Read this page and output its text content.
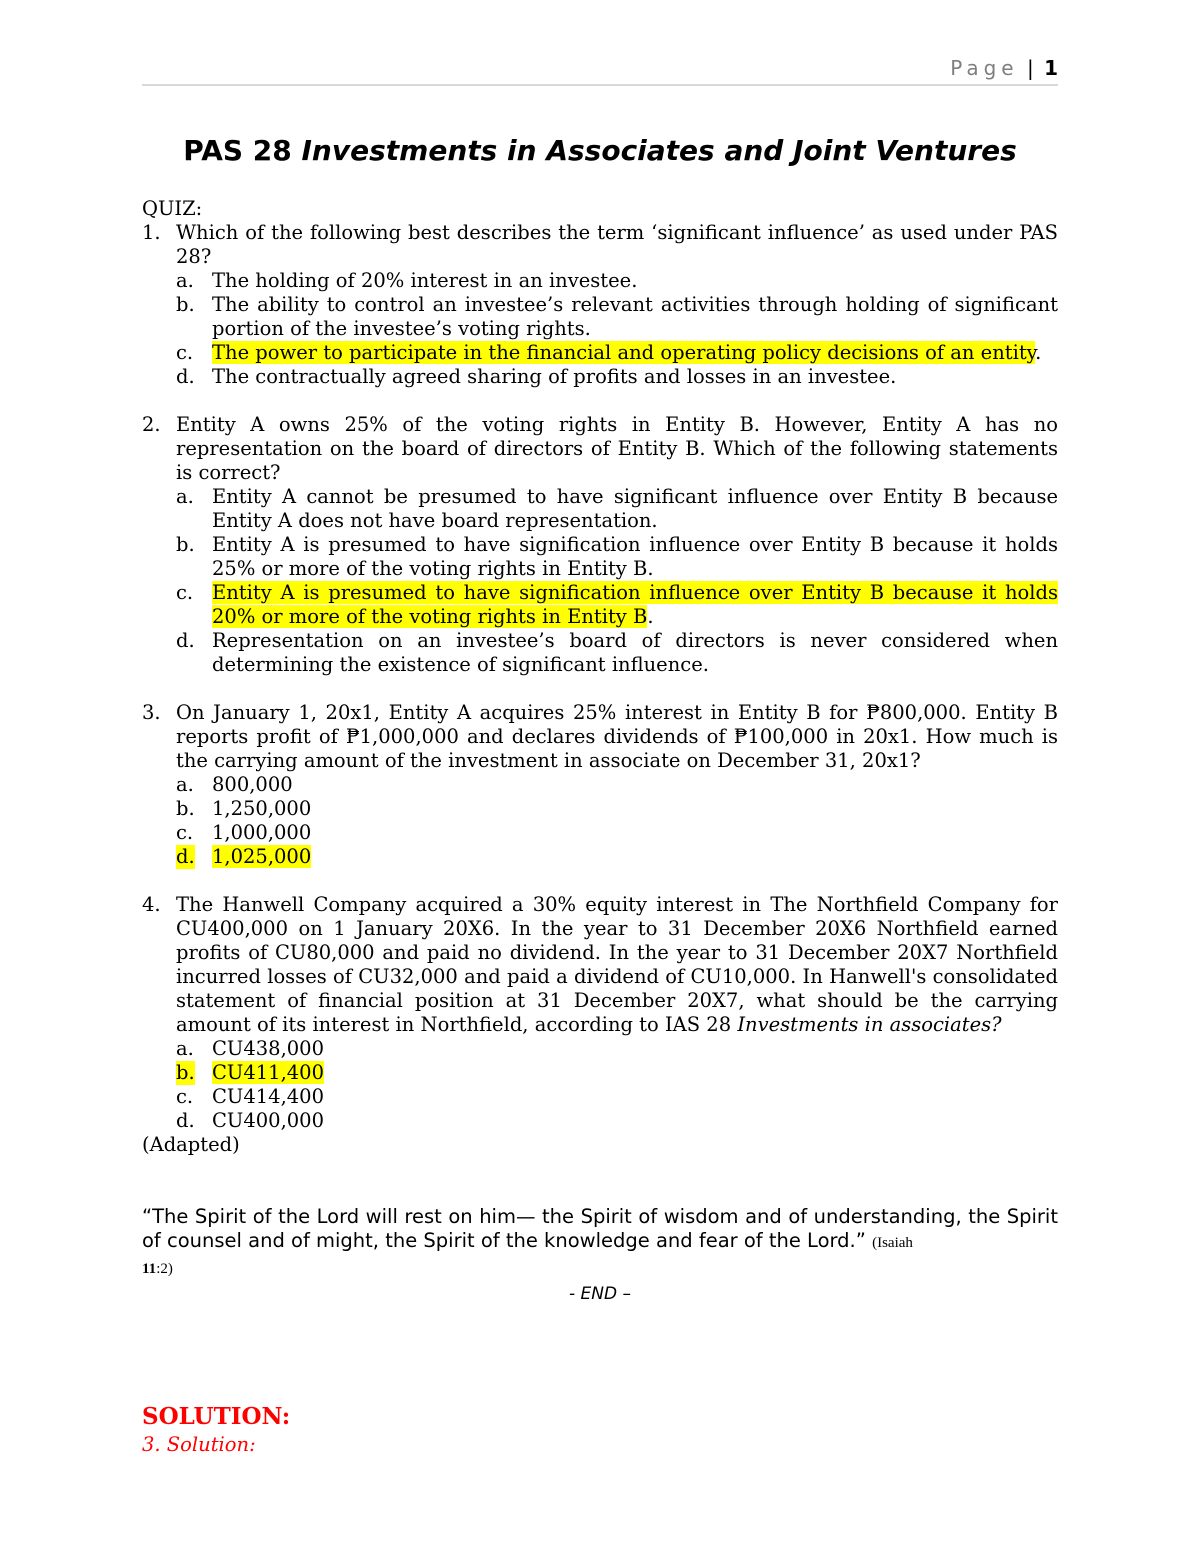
Page | 1
PAS 28 Investments in Associates and Joint Ventures
QUIZ:
1. Which of the following best describes the term ‘significant influence’ as used under PAS 28?
a. The holding of 20% interest in an investee.
b. The ability to control an investee’s relevant activities through holding of significant portion of the investee’s voting rights.
c. The power to participate in the financial and operating policy decisions of an entity.
d. The contractually agreed sharing of profits and losses in an investee.
2. Entity A owns 25% of the voting rights in Entity B. However, Entity A has no representation on the board of directors of Entity B. Which of the following statements is correct?
a. Entity A cannot be presumed to have significant influence over Entity B because Entity A does not have board representation.
b. Entity A is presumed to have signification influence over Entity B because it holds 25% or more of the voting rights in Entity B.
c. Entity A is presumed to have signification influence over Entity B because it holds 20% or more of the voting rights in Entity B.
d. Representation on an investee’s board of directors is never considered when determining the existence of significant influence.
3. On January 1, 20x1, Entity A acquires 25% interest in Entity B for ₱800,000. Entity B reports profit of ₱1,000,000 and declares dividends of ₱100,000 in 20x1. How much is the carrying amount of the investment in associate on December 31, 20x1?
a. 800,000
b. 1,250,000
c. 1,000,000
d. 1,025,000
4. The Hanwell Company acquired a 30% equity interest in The Northfield Company for CU400,000 on 1 January 20X6. In the year to 31 December 20X6 Northfield earned profits of CU80,000 and paid no dividend. In the year to 31 December 20X7 Northfield incurred losses of CU32,000 and paid a dividend of CU10,000. In Hanwell's consolidated statement of financial position at 31 December 20X7, what should be the carrying amount of its interest in Northfield, according to IAS 28 Investments in associates?
a. CU438,000
b. CU411,400
c. CU414,400
d. CU400,000
(Adapted)
“The Spirit of the Lord will rest on him— the Spirit of wisdom and of understanding, the Spirit of counsel and of might, the Spirit of the knowledge and fear of the Lord.” (Isaiah
11:2)
- END –
SOLUTION:
3. Solution:
